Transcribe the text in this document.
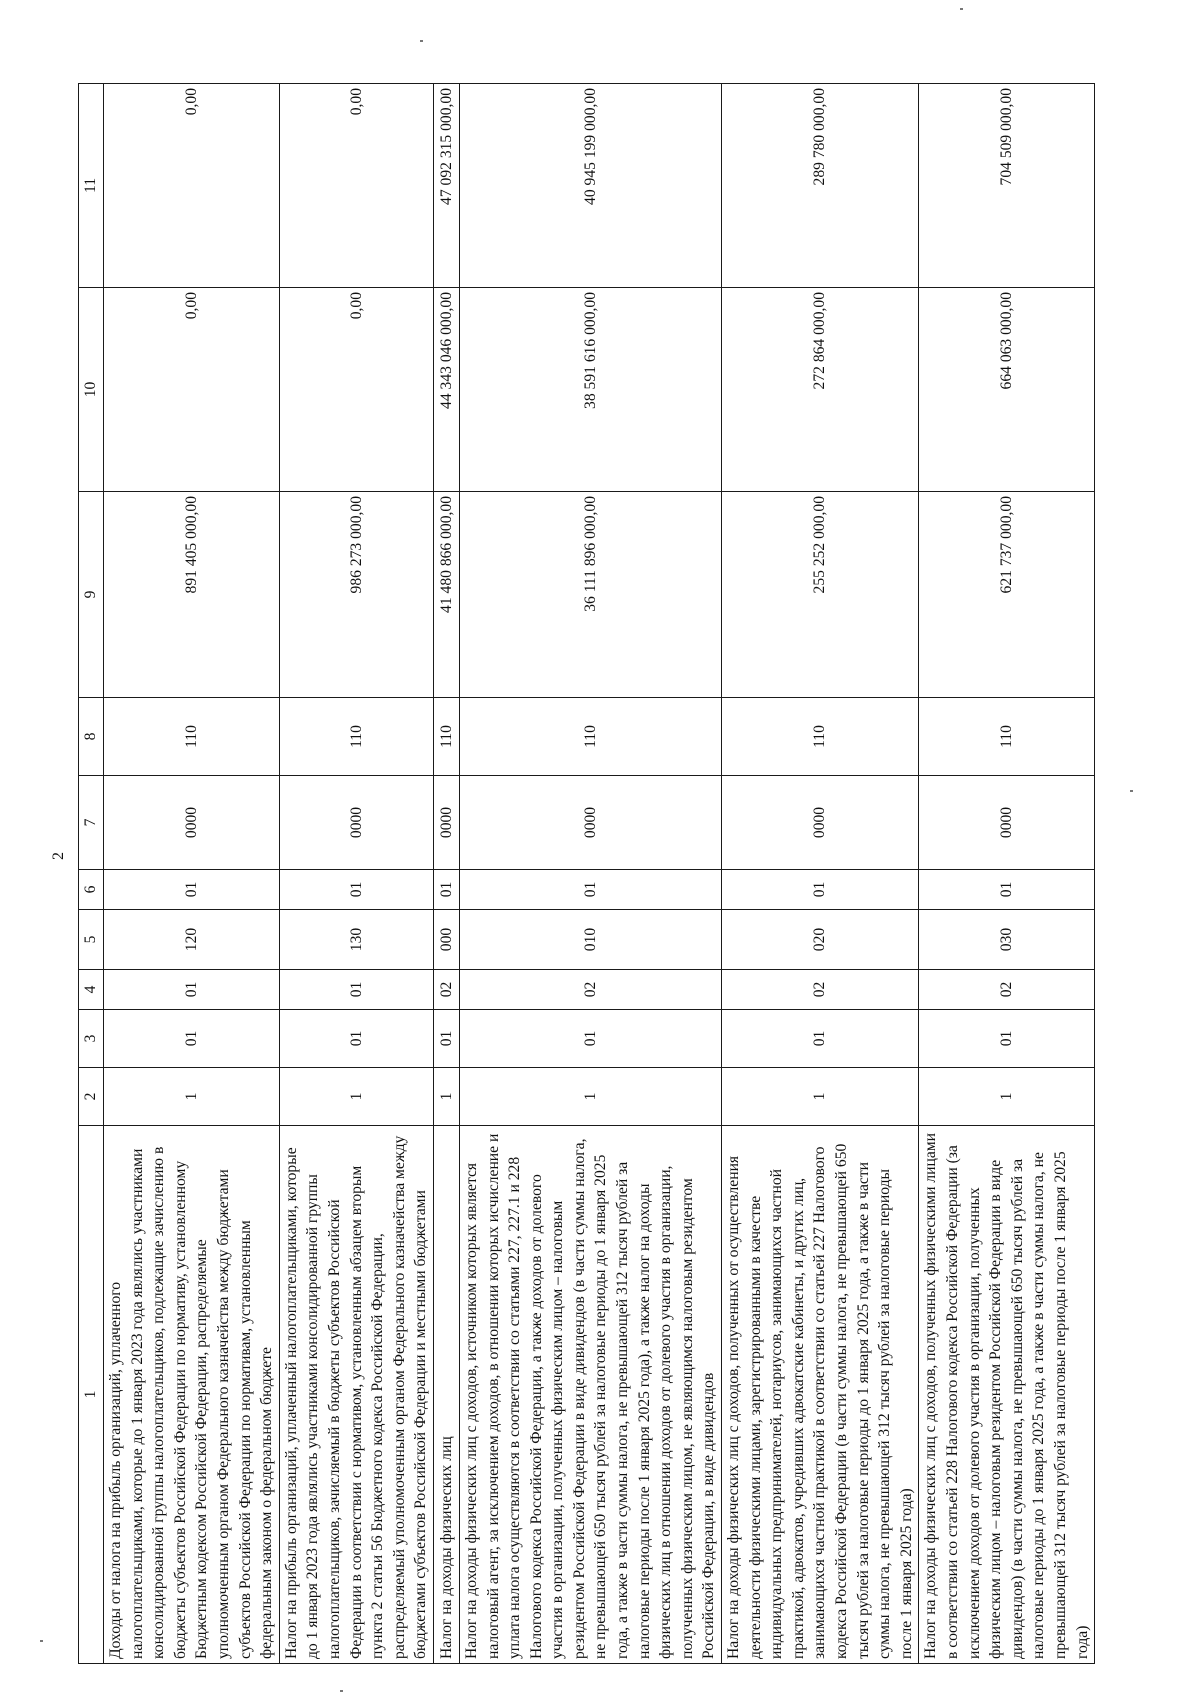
2
1	2	3	4	5	6	7	8	9	10	11
Доходы от налога на прибыль организаций, уплаченного налогоплательщиками, которые до 1 января 2023 года являлись участниками консолидированной группы налогоплательщиков, подлежащие зачислению в бюджеты субъектов Российской Федерации по нормативу, установленному Бюджетным кодексом Российской Федерации, распределяемые уполномоченным органом Федерального казначейства между бюджетами субъектов Российской Федерации по нормативам, установленным федеральным законом о федеральном бюджете	1	01	01	120	01	0000	110	891 405 000,00	0,00	0,00
Налог на прибыль организаций, уплаченный налогоплательщиками, которые до 1 января 2023 года являлись участниками консолидированной группы налогоплательщиков, зачисляемый в бюджеты субъектов Российской Федерации в соответствии с нормативом, установленным абзацем вторым пункта 2 статьи 56 Бюджетного кодекса Российской Федерации, распределяемый уполномоченным органом Федерального казначейства между бюджетами субъектов Российской Федерации и местными бюджетами	1	01	01	130	01	0000	110	986 273 000,00	0,00	0,00
Налог на доходы физических лиц	1	01	02	000	01	0000	110	41 480 866 000,00	44 343 046 000,00	47 092 315 000,00
Налог на доходы физических лиц с доходов, источником которых является налоговый агент, за исключением доходов, в отношении которых исчисление и уплата налога осуществляются в соответствии со статьями 227, 227.1 и 228 Налогового кодекса Российской Федерации, а также доходов от долевого участия в организации, полученных физическим лицом – налоговым резидентом Российской Федерации в виде дивидендов (в части суммы налога, не превышающей 650 тысяч рублей за налоговые периоды до 1 января 2025 года, а также в части суммы налога, не превышающей 312 тысяч рублей за налоговые периоды после 1 января 2025 года), а также налог на доходы физических лиц в отношении доходов от долевого участия в организации, полученных физическим лицом, не являющимся налоговым резидентом Российской Федерации, в виде дивидендов	1	01	02	010	01	0000	110	36 111 896 000,00	38 591 616 000,00	40 945 199 000,00
Налог на доходы физических лиц с доходов, полученных от осуществления деятельности физическими лицами, зарегистрированными в качестве индивидуальных предпринимателей, нотариусов, занимающихся частной практикой, адвокатов, учредивших адвокатские кабинеты, и других лиц, занимающихся частной практикой в соответствии со статьей 227 Налогового кодекса Российской Федерации (в части суммы налога, не превышающей 650 тысяч рублей за налоговые периоды до 1 января 2025 года, а также в части суммы налога, не превышающей 312 тысяч рублей за налоговые периоды после 1 января 2025 года)	1	01	02	020	01	0000	110	255 252 000,00	272 864 000,00	289 780 000,00
Налог на доходы физических лиц с доходов, полученных физическими лицами в соответствии со статьей 228 Налогового кодекса Российской Федерации (за исключением доходов от долевого участия в организации, полученных физическим лицом – налоговым резидентом Российской Федерации в виде дивидендов) (в части суммы налога, не превышающей 650 тысяч рублей за налоговые периоды до 1 января 2025 года, а также в части суммы налога, не превышающей 312 тысяч рублей за налоговые периоды после 1 января 2025 года)	1	01	02	030	01	0000	110	621 737 000,00	664 063 000,00	704 509 000,00
